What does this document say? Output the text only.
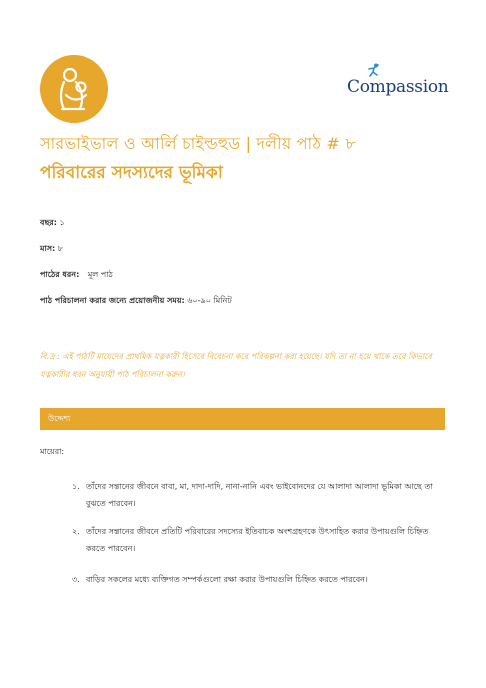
Compassion
সারভাইভাল ও আর্লি চাইল্ডহুড | দলীয় পাঠ # ৮
পরিবারের সদস্যদের ভূমিকা
বছর: ১
মাস: ৮
পাঠের ধরন: মূল পাঠ
পাঠ পরিচালনা করার জন্যে প্রয়োজনীয় সময়: ৬০-৯০ মিনিট
বি.দ্র : এই পাঠটি মায়েদের প্রাথমিক যত্নকারী হিসেবে বিবেচনা করে পরিকল্পনা করা হয়েছে। যদি তা না হয়ে থাকে তবে কিভাবে যত্নকারীর ধরন অনুযায়ী পাঠ পরিচালনা করুন।
উদ্দেশ্য
মায়েরা:
১. তাঁদের সন্তানের জীবনে বাবা, মা, দাদা-দাদি, নানা-নানি এবং ভাইবোনদের যে আলাদা আলাদা ভূমিকা আছে তা বুঝতে পারবেন।
২. তাঁদের সন্তানের জীবনে প্রতিটি পরিবারের সদস্যের ইতিবাচক অংশগ্রহণকে উৎসাহিত করার উপায়গুলি চিহ্নিত করতে পারবেন।
৩. বাড়ির সকলের মধ্যে ব্যক্তিগত সম্পর্কগুলো রক্ষা করার উপায়গুলি চিহ্নিত করতে পারবেন।
